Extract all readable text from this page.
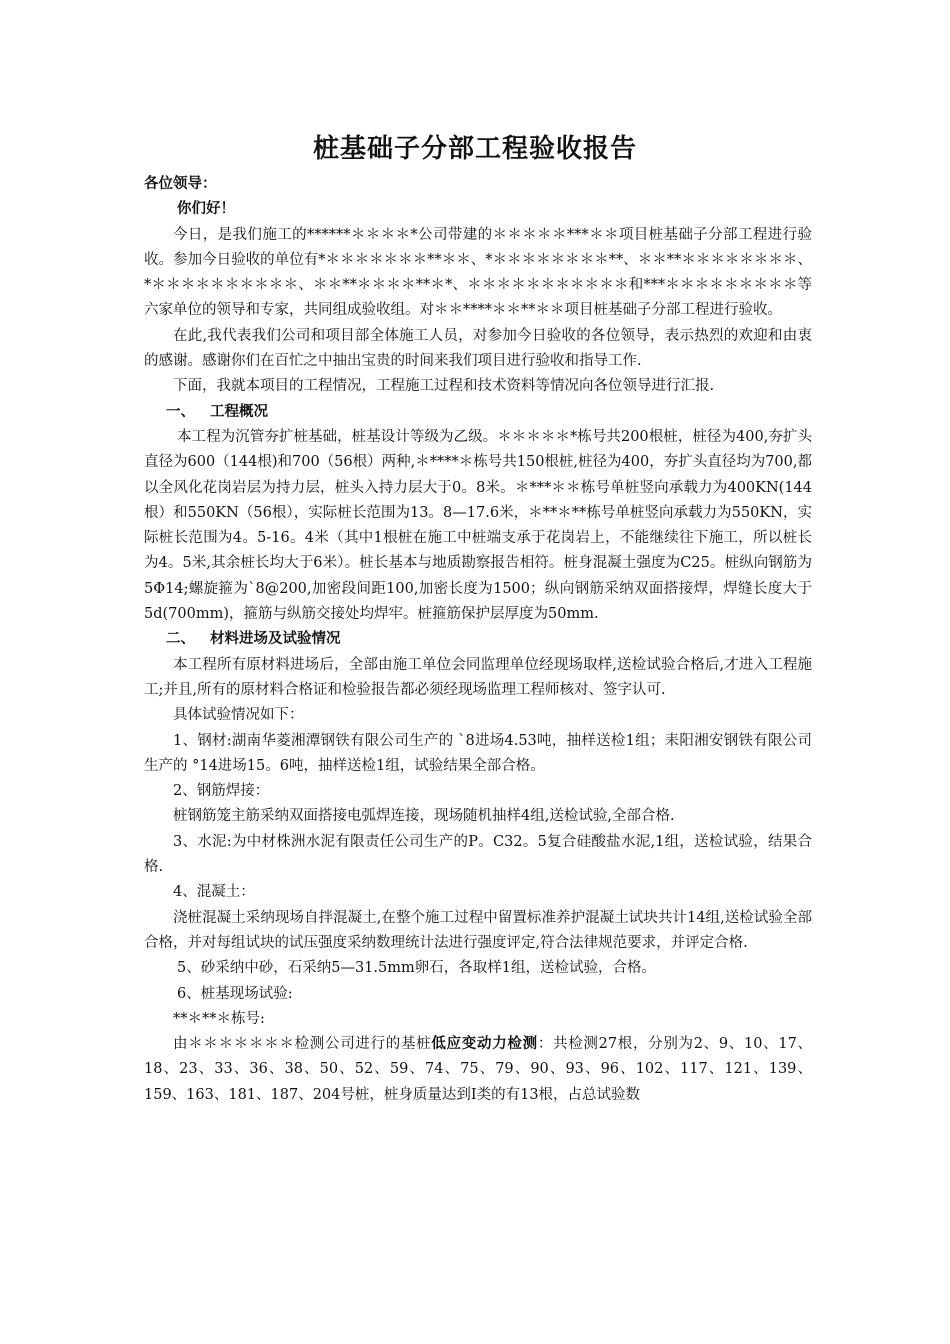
桩基础子分部工程验收报告

各位领导：

你们好！

今日，是我们施工的******＊＊＊＊*公司带建的＊＊＊＊＊***＊＊项目桩基础子分部工程进行验收。参加今日验收的单位有*＊＊＊＊＊＊＊**＊＊、*＊＊＊＊＊＊＊＊**、＊＊**＊＊＊＊＊＊＊＊、*＊＊＊＊＊＊＊＊＊＊、＊＊**＊＊＊＊**＊*、＊＊＊＊＊＊＊＊＊＊＊和***＊＊＊＊＊＊＊＊＊等六家单位的领导和专家，共同组成验收组。对＊＊****＊＊**＊＊项目桩基础子分部工程进行验收。

在此,我代表我们公司和项目部全体施工人员，对参加今日验收的各位领导，表示热烈的欢迎和由衷的感谢。感谢你们在百忙之中抽出宝贵的时间来我们项目进行验收和指导工作.

下面，我就本项目的工程情况，工程施工过程和技术资料等情况向各位领导进行汇报.

一、 工程概况

本工程为沉管夯扩桩基础，桩基设计等级为乙级。＊＊＊＊＊*栋号共200根桩，桩径为400,夯扩头直径为600（144根)和700（56根）两种,＊****＊栋号共150根桩,桩径为400，夯扩头直径均为700,都以全风化花岗岩层为持力层，桩头入持力层大于0。8米。＊***＊＊栋号单桩竖向承载力为400KN(144根）和550KN（56根），实际桩长范围为13。8—17.6米，＊**＊**栋号单桩竖向承载力为550KN，实际桩长范围为4。5-16。4米（其中1根桩在施工中桩端支承于花岗岩上，不能继续往下施工，所以桩长为4。5米,其余桩长均大于6米）。桩长基本与地质勘察报告相符。桩身混凝土强度为C25。桩纵向钢筋为5Φ14;螺旋箍为`8@200,加密段间距100,加密长度为1500；纵向钢筋采纳双面搭接焊，焊缝长度大于5d(700mm)，箍筋与纵筋交接处均焊牢。桩箍筋保护层厚度为50mm.

二、 材料进场及试验情况

本工程所有原材料进场后，全部由施工单位会同监理单位经现场取样,送检试验合格后,才进入工程施工;并且,所有的原材料合格证和检验报告都必须经现场监理工程师核对、签字认可.

具体试验情况如下：

1、钢材:湖南华菱湘潭钢铁有限公司生产的 `8进场4.53吨，抽样送检1组；耒阳湘安钢铁有限公司生产的 °14进场15。6吨，抽样送检1组，试验结果全部合格。

2、钢筋焊接：

桩钢筋笼主筋采纳双面搭接电弧焊连接，现场随机抽样4组,送检试验,全部合格.

3、水泥:为中材株洲水泥有限责任公司生产的P。C32。5复合硅酸盐水泥,1组，送检试验，结果合格.

4、混凝土：

浇桩混凝土采纳现场自拌混凝土,在整个施工过程中留置标准养护混凝土试块共计14组,送检试验全部合格，并对每组试块的试压强度采纳数理统计法进行强度评定,符合法律规范要求，并评定合格.

5、砂采纳中砂，石采纳5—31.5mm卵石，各取样1组，送检试验，合格。

6、桩基现场试验:

**＊**＊栋号:

由＊＊＊＊＊＊＊检测公司进行的基桩低应变动力检测：共检测27根，分别为2、9、10、17、18、23、33、36、38、50、52、59、74、75、79、90、93、96、102、117、121、139、159、163、181、187、204号桩，桩身质量达到Ⅰ类的有13根，占总试验数
